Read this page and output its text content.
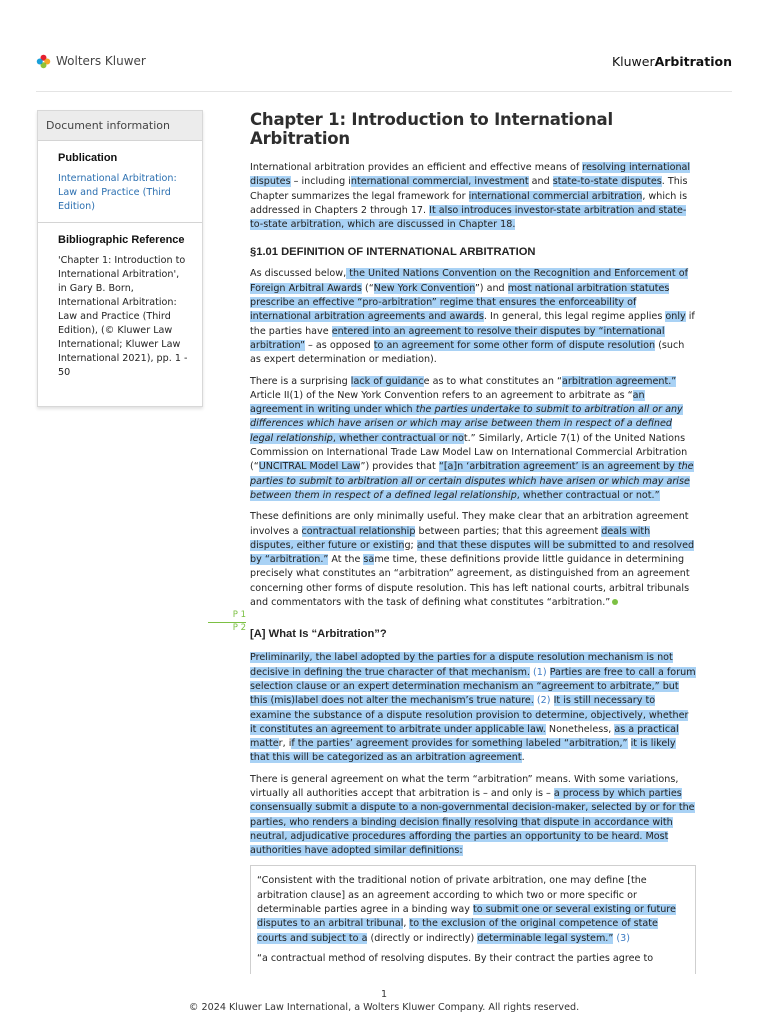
Wolters Kluwer	KluwerArbitration
Document information
Publication
International Arbitration: Law and Practice (Third Edition)
Bibliographic Reference
'Chapter 1: Introduction to International Arbitration', in Gary B. Born, International Arbitration: Law and Practice (Third Edition), (© Kluwer Law International; Kluwer Law International 2021), pp. 1 - 50
Chapter 1: Introduction to International Arbitration

International arbitration provides an efficient and effective means of resolving international disputes – including international commercial, investment and state-to-state disputes. This Chapter summarizes the legal framework for international commercial arbitration, which is addressed in Chapters 2 through 17. It also introduces investor-state arbitration and state-to-state arbitration, which are discussed in Chapter 18.

§1.01 DEFINITION OF INTERNATIONAL ARBITRATION

As discussed below, the United Nations Convention on the Recognition and Enforcement of Foreign Arbitral Awards (“New York Convention”) and most national arbitration statutes prescribe an effective “pro-arbitration” regime that ensures the enforceability of international arbitration agreements and awards. In general, this legal regime applies only if the parties have entered into an agreement to resolve their disputes by “international arbitration” – as opposed to an agreement for some other form of dispute resolution (such as expert determination or mediation).

There is a surprising lack of guidance as to what constitutes an “arbitration agreement.” Article II(1) of the New York Convention refers to an agreement to arbitrate as “an agreement in writing under which the parties undertake to submit to arbitration all or any differences which have arisen or which may arise between them in respect of a defined legal relationship, whether contractual or not.” Similarly, Article 7(1) of the United Nations Commission on International Trade Law Model Law on International Commercial Arbitration (“UNCITRAL Model Law”) provides that “[a]n ‘arbitration agreement’ is an agreement by the parties to submit to arbitration all or certain disputes which have arisen or which may arise between them in respect of a defined legal relationship, whether contractual or not.”

These definitions are only minimally useful. They make clear that an arbitration agreement involves a contractual relationship between parties; that this agreement deals with disputes, either future or existing; and that these disputes will be submitted to and resolved by “arbitration.” At the same time, these definitions provide little guidance in determining precisely what constitutes an “arbitration” agreement, as distinguished from an agreement concerning other forms of dispute resolution. This has left national courts, arbitral tribunals and commentators with the task of defining what constitutes “arbitration.”

[A] What Is “Arbitration”?

Preliminarily, the label adopted by the parties for a dispute resolution mechanism is not decisive in defining the true character of that mechanism. (1) Parties are free to call a forum selection clause or an expert determination mechanism an “agreement to arbitrate,” but this (mis)label does not alter the mechanism’s true nature. (2) It is still necessary to examine the substance of a dispute resolution provision to determine, objectively, whether it constitutes an agreement to arbitrate under applicable law. Nonetheless, as a practical matter, if the parties’ agreement provides for something labeled “arbitration,” it is likely that this will be categorized as an arbitration agreement.

There is general agreement on what the term “arbitration” means. With some variations, virtually all authorities accept that arbitration is – and only is – a process by which parties consensually submit a dispute to a non-governmental decision-maker, selected by or for the parties, who renders a binding decision finally resolving that dispute in accordance with neutral, adjudicative procedures affording the parties an opportunity to be heard. Most authorities have adopted similar definitions:

“Consistent with the traditional notion of private arbitration, one may define [the arbitration clause] as an agreement according to which two or more specific or determinable parties agree in a binding way to submit one or several existing or future disputes to an arbitral tribunal, to the exclusion of the original competence of state courts and subject to a (directly or indirectly) determinable legal system.” (3)

“a contractual method of resolving disputes. By their contract the parties agree to

P 1
P 2
1
© 2024 Kluwer Law International, a Wolters Kluwer Company. All rights reserved.
